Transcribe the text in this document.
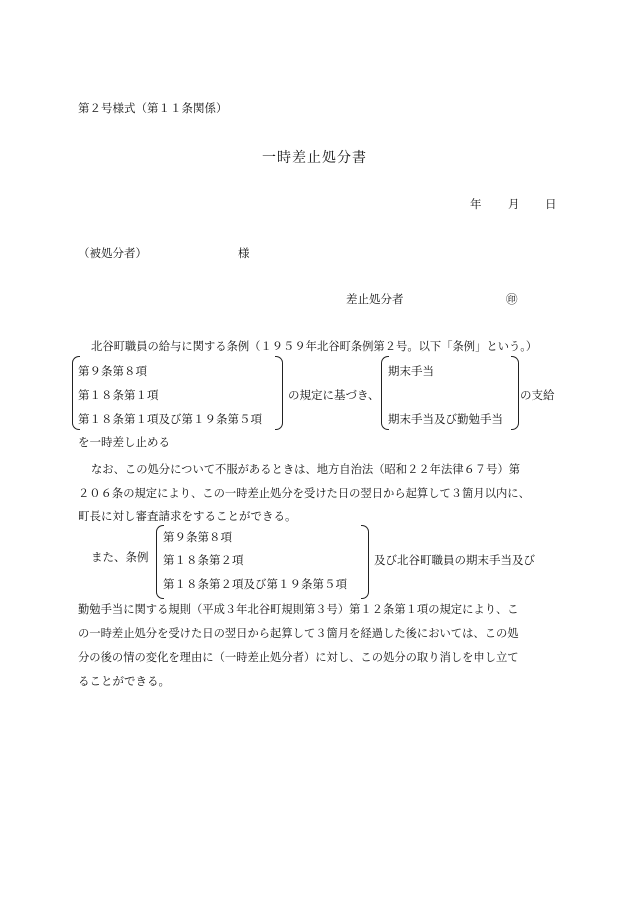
第２号様式（第１１条関係）
一時差止処分書
年 月 日
（被処分者）	様
差止処分者	㊞
北谷町職員の給与に関する条例（１９５９年北谷町条例第２号。以下「条例」という。）
第９条第８項
第１８条第１項
第１８条第１項及び第１９条第５項
の規定に基づき、
期末手当
期末手当及び勤勉手当
の支給
を一時差し止める
なお、この処分について不服があるときは、地方自治法（昭和２２年法律６７号）第
２０６条の規定により、この一時差止処分を受けた日の翌日から起算して３箇月以内に、
町長に対し審査請求をすることができる。
また、条例
第９条第８項
第１８条第２項
第１８条第２項及び第１９条第５項
及び北谷町職員の期末手当及び
勤勉手当に関する規則（平成３年北谷町規則第３号）第１２条第１項の規定により、こ
の一時差止処分を受けた日の翌日から起算して３箇月を経過した後においては、この処
分の後の情の変化を理由に（一時差止処分者）に対し、この処分の取り消しを申し立て
ることができる。
